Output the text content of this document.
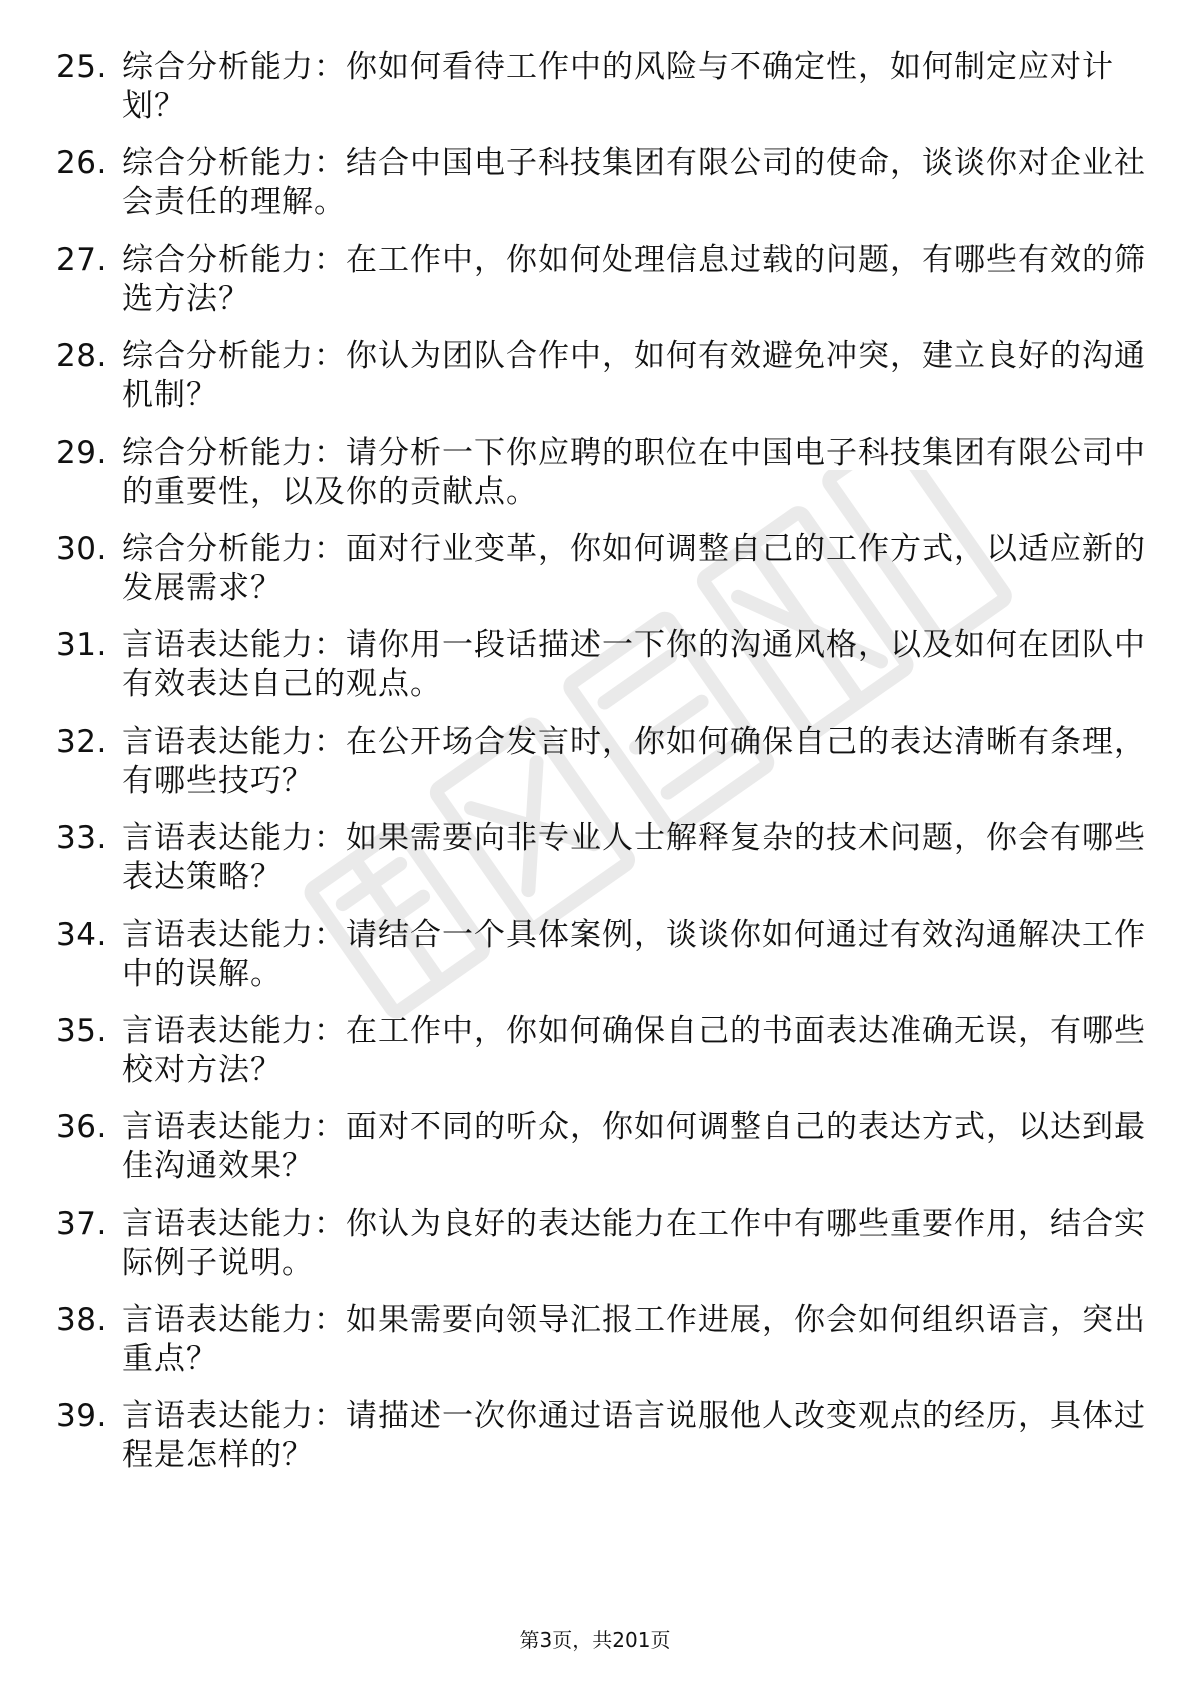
25. 综合分析能力：你如何看待工作中的风险与不确定性，如何制定应对计划？
26. 综合分析能力：结合中国电子科技集团有限公司的使命，谈谈你对企业社会责任的理解。
27. 综合分析能力：在工作中，你如何处理信息过载的问题，有哪些有效的筛选方法？
28. 综合分析能力：你认为团队合作中，如何有效避免冲突，建立良好的沟通机制？
29. 综合分析能力：请分析一下你应聘的职位在中国电子科技集团有限公司中的重要性，以及你的贡献点。
30. 综合分析能力：面对行业变革，你如何调整自己的工作方式，以适应新的发展需求？
31. 言语表达能力：请你用一段话描述一下你的沟通风格，以及如何在团队中有效表达自己的观点。
32. 言语表达能力：在公开场合发言时，你如何确保自己的表达清晰有条理，有哪些技巧？
33. 言语表达能力：如果需要向非专业人士解释复杂的技术问题，你会有哪些表达策略？
34. 言语表达能力：请结合一个具体案例，谈谈你如何通过有效沟通解决工作中的误解。
35. 言语表达能力：在工作中，你如何确保自己的书面表达准确无误，有哪些校对方法？
36. 言语表达能力：面对不同的听众，你如何调整自己的表达方式，以达到最佳沟通效果？
37. 言语表达能力：你认为良好的表达能力在工作中有哪些重要作用，结合实际例子说明。
38. 言语表达能力：如果需要向领导汇报工作进展，你会如何组织语言，突出重点？
39. 言语表达能力：请描述一次你通过语言说服他人改变观点的经历，具体过程是怎样的？
第3页，共201页
